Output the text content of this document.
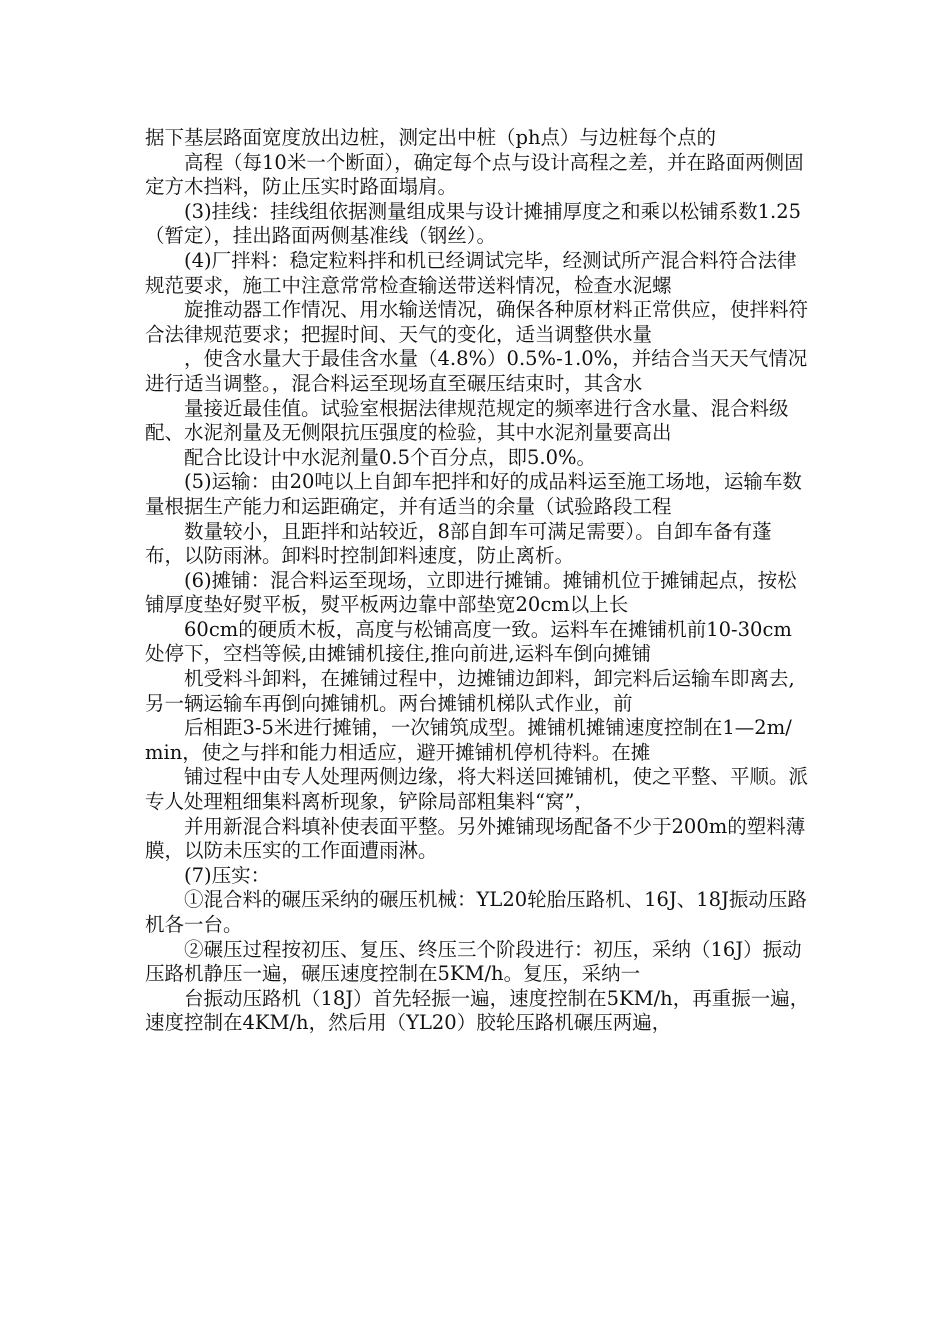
据下基层路面宽度放出边桩，测定出中桩（ph点）与边桩每个点的

高程（每10米一个断面），确定每个点与设计高程之差，并在路面两侧固定方木挡料，防止压实时路面塌肩。

(3)挂线：挂线组依据测量组成果与设计摊捕厚度之和乘以松铺系数1.25（暂定），挂出路面两侧基准线（钢丝）。

(4)厂拌料：稳定粒料拌和机已经调试完毕，经测试所产混合料符合法律规范要求，施工中注意常常检查输送带送料情况，检查水泥螺

旋推动器工作情况、用水输送情况，确保各种原材料正常供应，使拌料符合法律规范要求；把握时间、天气的变化，适当调整供水量

，使含水量大于最佳含水量（4.8%）0.5%-1.0%，并结合当天天气情况进行适当调整。，混合料运至现场直至碾压结束时，其含水

量接近最佳值。试验室根据法律规范规定的频率进行含水量、混合料级配、水泥剂量及无侧限抗压强度的检验，其中水泥剂量要高出

配合比设计中水泥剂量0.5个百分点，即5.0%。

(5)运输：由20吨以上自卸车把拌和好的成品料运至施工场地，运输车数量根据生产能力和运距确定，并有适当的余量（试验路段工程

数量较小，且距拌和站较近，8部自卸车可满足需要）。自卸车备有蓬布，以防雨淋。卸料时控制卸料速度，防止离析。

(6)摊铺：混合料运至现场，立即进行摊铺。摊铺机位于摊铺起点，按松铺厚度垫好熨平板，熨平板两边靠中部垫宽20cm以上长

60cm的硬质木板，高度与松铺高度一致。运料车在摊铺机前10-30cm处停下，空档等候,由摊铺机接住,推向前进,运料车倒向摊铺

机受料斗卸料，在摊铺过程中，边摊铺边卸料，卸完料后运输车即离去,另一辆运输车再倒向摊铺机。两台摊铺机梯队式作业，前

后相距3-5米进行摊铺，一次铺筑成型。摊铺机摊铺速度控制在1—2m/min，使之与拌和能力相适应，避开摊铺机停机待料。在摊

铺过程中由专人处理两侧边缘，将大料送回摊铺机，使之平整、平顺。派专人处理粗细集料离析现象，铲除局部粗集料“窝”，

并用新混合料填补使表面平整。另外摊铺现场配备不少于200m的塑料薄膜，以防未压实的工作面遭雨淋。

(7)压实：

①混合料的碾压采纳的碾压机械：YL20轮胎压路机、16J、18J振动压路机各一台。

②碾压过程按初压、复压、终压三个阶段进行：初压，采纳（16J）振动压路机静压一遍，碾压速度控制在5KM/h。复压，采纳一

台振动压路机（18J）首先轻振一遍，速度控制在5KM/h，再重振一遍，速度控制在4KM/h，然后用（YL20）胶轮压路机碾压两遍，
